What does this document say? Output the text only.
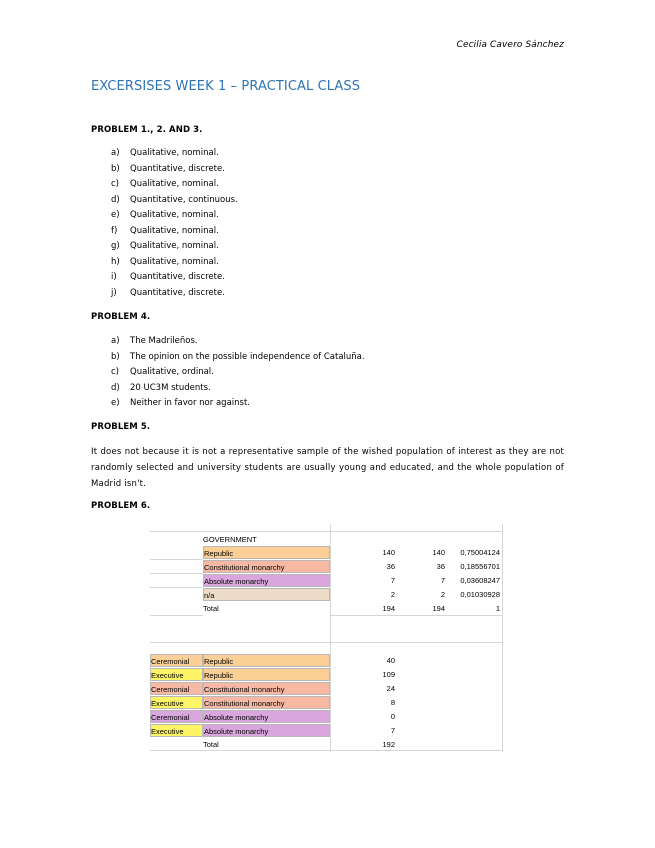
Cecilia Cavero Sánchez
EXCERSISES WEEK 1 – PRACTICAL CLASS
PROBLEM 1., 2. AND 3.
a)	Qualitative, nominal.
b)	Quantitative, discrete.
c)	Qualitative, nominal.
d)	Quantitative, continuous.
e)	Qualitative, nominal.
f)	Qualitative, nominal.
g)	Qualitative, nominal.
h)	Qualitative, nominal.
i)	Quantitative, discrete.
j)	Quantitative, discrete.
PROBLEM 4.
a)	The Madrileños.
b)	The opinion on the possible independence of Cataluña.
c)	Qualitative, ordinal.
d)	20 UC3M students.
e)	Neither in favor nor against.
PROBLEM 5.
It does not because it is not a representative sample of the wished population of interest as they are not randomly selected and university students are usually young and educated, and the whole population of Madrid isn't.
PROBLEM 6.
GOVERNMENT
Republic	140	140	0,75004124
Constitutional monarchy	36	36	0,18556701
Absolute monarchy	7	7	0,03608247
n/a	2	2	0,01030928
Total	194	194	1
Ceremonial	Republic	40
Executive	Republic	109
Ceremonial	Constitutional monarchy	24
Executive	Constitutional monarchy	8
Ceremonial	Absolute monarchy	0
Executive	Absolute monarchy	7
Total	192
